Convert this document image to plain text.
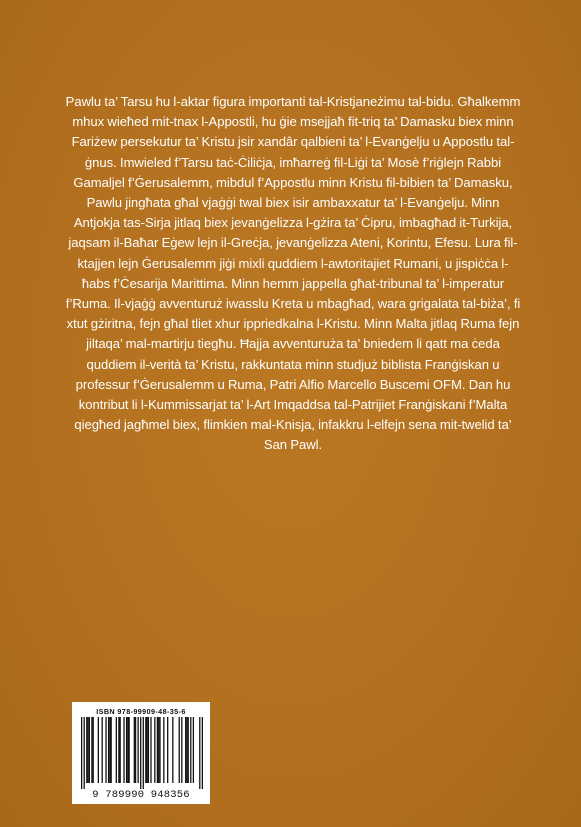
Pawlu ta’ Tarsu hu l-aktar figura importanti tal-Kristjaneżimu tal-bidu. Għalkemm mhux wieħed mit-tnax l-Appostli, hu ġie msejjaħ fit-triq ta’ Damasku biex minn Fariżew persekutur ta’ Kristu jsir xandâr qalbieni ta’ l-Evanġelju u Appostlu tal-ġnus. Imwieled f’Tarsu taċ-Ċiliċja, imħarreġ fil-Liġi ta’ Mosè f’riġlejn Rabbi Gamaljel f’Ġerusalemm, mibdul f’Appostlu minn Kristu fil-bibien ta’ Damasku, Pawlu jingħata għal vjaġġi twal biex isir ambaxxatur ta’ l-Evanġelju. Minn Antjokja tas-Sirja jitlaq biex jevanġelizza l-gżira ta’ Ċipru, imbagħad it-Turkija, jaqsam il-Baħar Eġew lejn il-Greċja, jevanġelizza Ateni, Korintu, Efesu. Lura fil-ktajjen lejn Ġerusalemm jiġi mixli quddiem l-awtoritajiet Rumani, u jispiċċa l-ħabs f’Ċesarija Marittima. Minn hemm jappella għat-tribunal ta’ l-imperatur f’Ruma. Il-vjaġġ avventuruż iwasslu Kreta u mbagħad, wara grigalata tal-biża’, fi xtut gżiritna, fejn għal tliet xhur ippriedkalna l-Kristu. Minn Malta jitlaq Ruma fejn jiltaqa’ mal-martirju tiegħu. Ħajja avventuruża ta’ bniedem li qatt ma ċeda quddiem il-verità ta’ Kristu, rakkuntata minn studjuż biblista Franġiskan u professur f’Ġerusalemm u Ruma, Patri Alfio Marcello Buscemi OFM. Dan hu kontribut li l-Kummissarjat ta’ l-Art Imqaddsa tal-Patrijiet Franġiskani f’Malta qiegħed jagħmel biex, flimkien mal-Knisja, infakkru l-elfejn sena mit-twelid ta’ San Pawl.

ISBN 978-99909-48-35-6
9 789990 948356
